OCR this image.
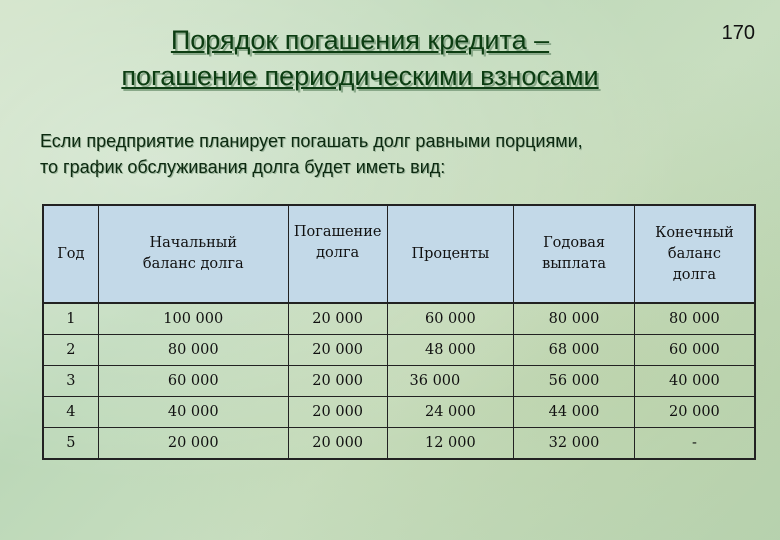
Порядок погашения кредита –
погашение периодическими взносами
170
Если предприятие планирует погашать долг равными порциями,
то график обслуживания долга будет иметь вид:
Год	Начальный баланс долга	Погашение долга	Проценты	Годовая выплата	Конечный баланс долга
1	100 000	20 000	60 000	80 000	80 000
2	80 000	20 000	48 000	68 000	60 000
3	60 000	20 000	36 000	56 000	40 000
4	40 000	20 000	24 000	44 000	20 000
5	20 000	20 000	12 000	32 000	-
